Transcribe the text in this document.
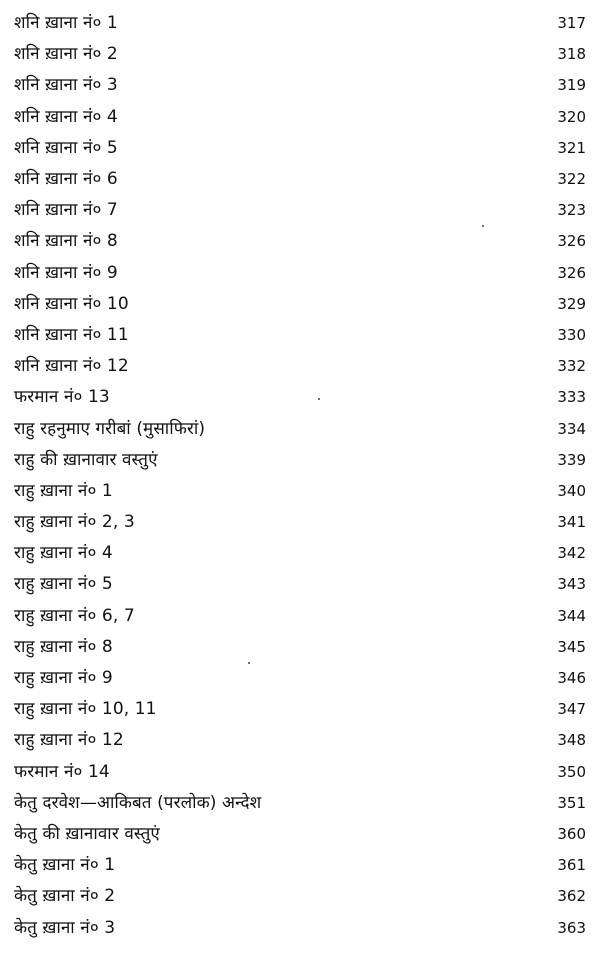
शनि ख़ाना नं० 1	317
शनि ख़ाना नं० 2	318
शनि ख़ाना नं० 3	319
शनि ख़ाना नं० 4	320
शनि ख़ाना नं० 5	321
शनि ख़ाना नं० 6	322
शनि ख़ाना नं० 7	323
शनि ख़ाना नं० 8	326
शनि ख़ाना नं० 9	326
शनि ख़ाना नं० 10	329
शनि ख़ाना नं० 11	330
शनि ख़ाना नं० 12	332
फरमान नं० 13	333
राहु रहनुमाए गरीबां (मुसाफिरां)	334
राहु की ख़ानावार वस्तुएं	339
राहु ख़ाना नं० 1	340
राहु ख़ाना नं० 2, 3	341
राहु ख़ाना नं० 4	342
राहु ख़ाना नं० 5	343
राहु ख़ाना नं० 6, 7	344
राहु ख़ाना नं० 8	345
राहु ख़ाना नं० 9	346
राहु ख़ाना नं० 10, 11	347
राहु ख़ाना नं० 12	348
फरमान नं० 14	350
केतु दरवेश—आकिबत (परलोक) अन्देश	351
केतु की ख़ानावार वस्तुएं	360
केतु ख़ाना नं० 1	361
केतु ख़ाना नं० 2	362
केतु ख़ाना नं० 3	363
